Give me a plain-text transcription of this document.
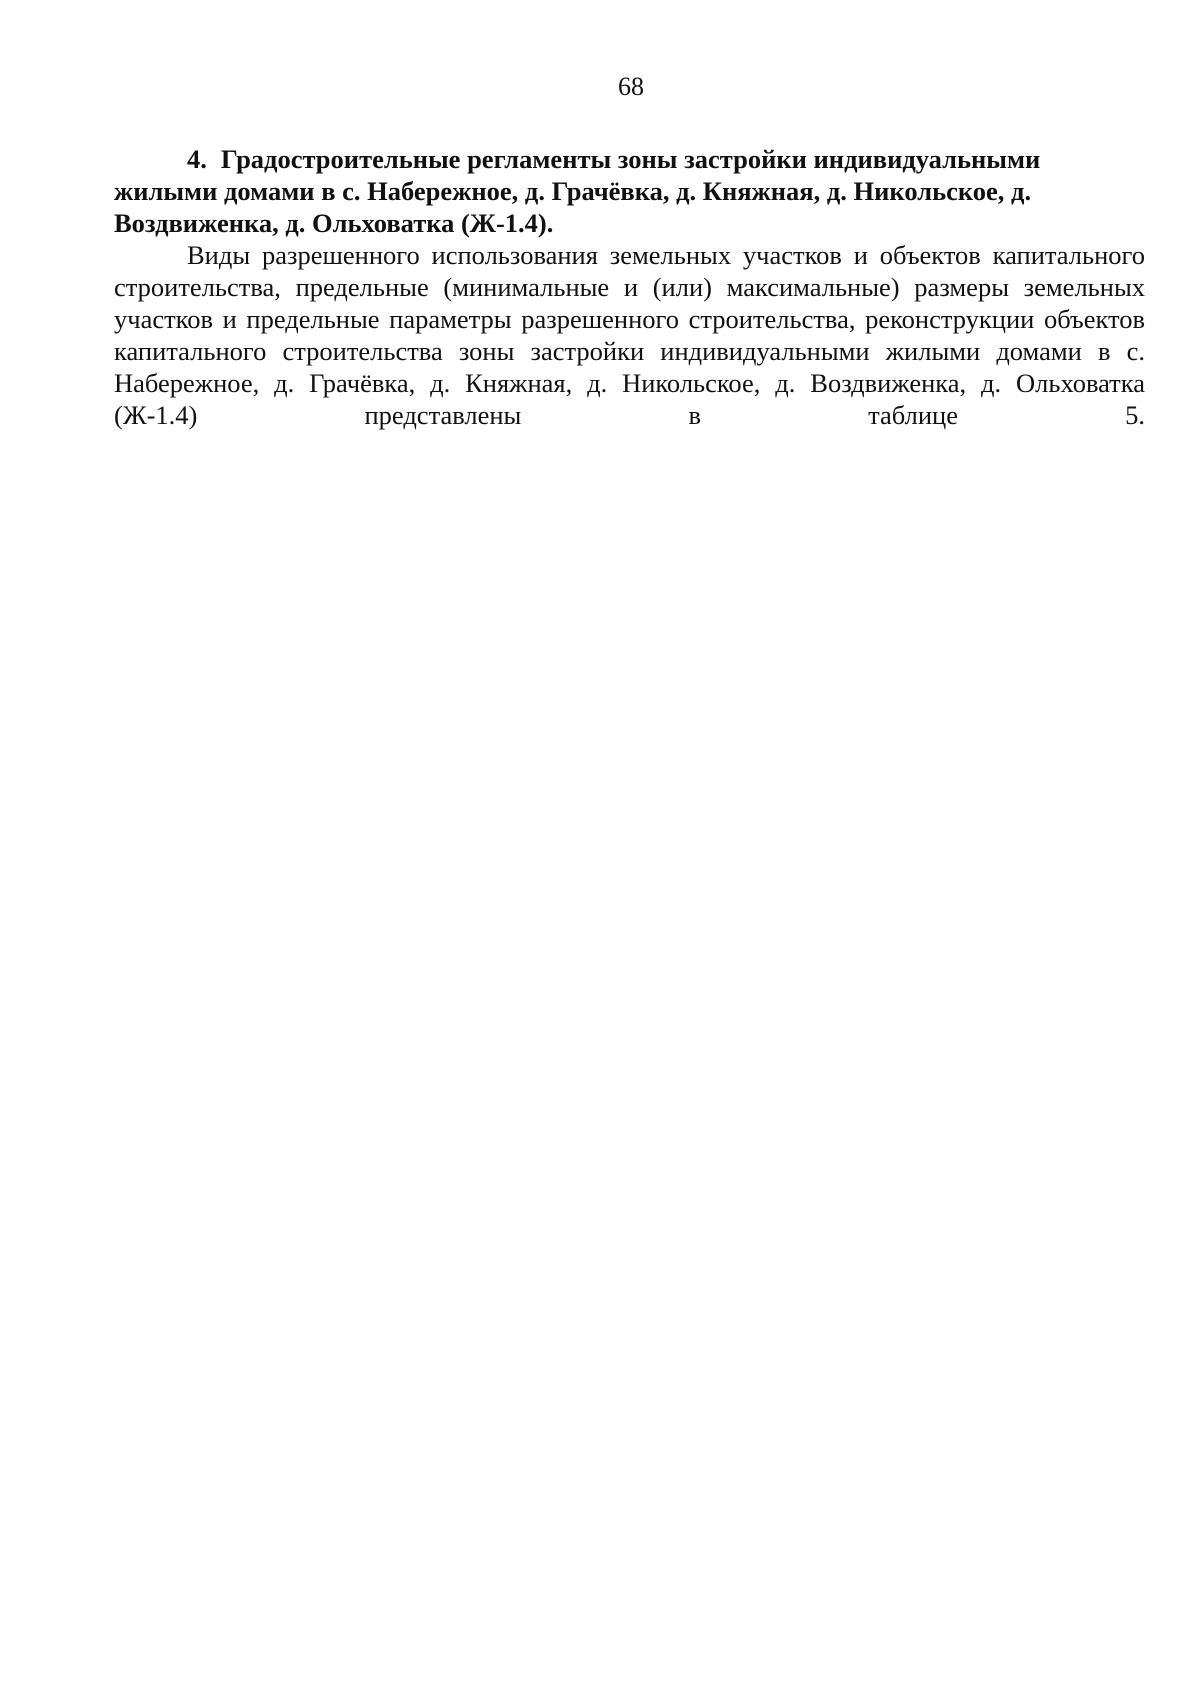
68
4. Градостроительные регламенты зоны застройки индивидуальными жилыми домами в с. Набережное, д. Грачёвка, д. Княжная, д. Никольское, д. Воздвиженка, д. Ольховатка (Ж-1.4).

Виды разрешенного использования земельных участков и объектов капитального строительства, предельные (минимальные и (или) максимальные) размеры земельных участков и предельные параметры разрешенного строительства, реконструкции объектов капитального строительства зоны застройки индивидуальными жилыми домами в с. Набережное, д. Грачёвка, д. Княжная, д. Никольское, д. Воздвиженка, д. Ольховатка (Ж-1.4) представлены в таблице 5.
